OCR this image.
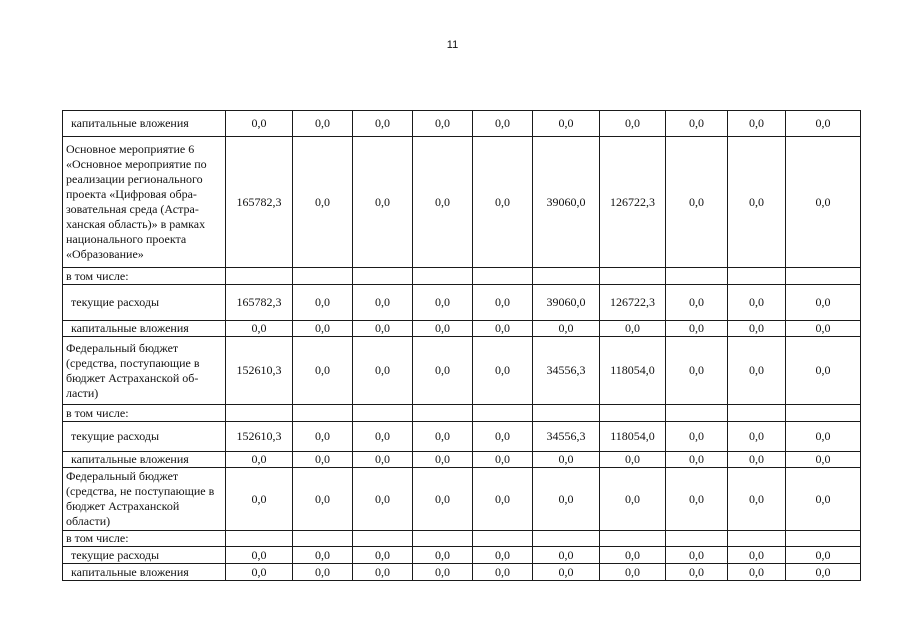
11
капитальные вложения	0,0	0,0	0,0	0,0	0,0	0,0	0,0	0,0	0,0	0,0
Основное мероприятие 6 «Основное мероприятие по реализации регионального проекта «Цифровая обра-зовательная среда (Астра-ханская область)» в рамках национального проекта «Образование»	165782,3	0,0	0,0	0,0	0,0	39060,0	126722,3	0,0	0,0	0,0
в том числе:										
текущие расходы	165782,3	0,0	0,0	0,0	0,0	39060,0	126722,3	0,0	0,0	0,0
капитальные вложения	0,0	0,0	0,0	0,0	0,0	0,0	0,0	0,0	0,0	0,0
Федеральный бюджет (средства, поступающие в бюджет Астраханской об-ласти)	152610,3	0,0	0,0	0,0	0,0	34556,3	118054,0	0,0	0,0	0,0
в том числе:										
текущие расходы	152610,3	0,0	0,0	0,0	0,0	34556,3	118054,0	0,0	0,0	0,0
капитальные вложения	0,0	0,0	0,0	0,0	0,0	0,0	0,0	0,0	0,0	0,0
Федеральный бюджет (средства, не поступающие в бюджет Астраханской области)	0,0	0,0	0,0	0,0	0,0	0,0	0,0	0,0	0,0	0,0
в том числе:										
текущие расходы	0,0	0,0	0,0	0,0	0,0	0,0	0,0	0,0	0,0	0,0
капитальные вложения	0,0	0,0	0,0	0,0	0,0	0,0	0,0	0,0	0,0	0,0
